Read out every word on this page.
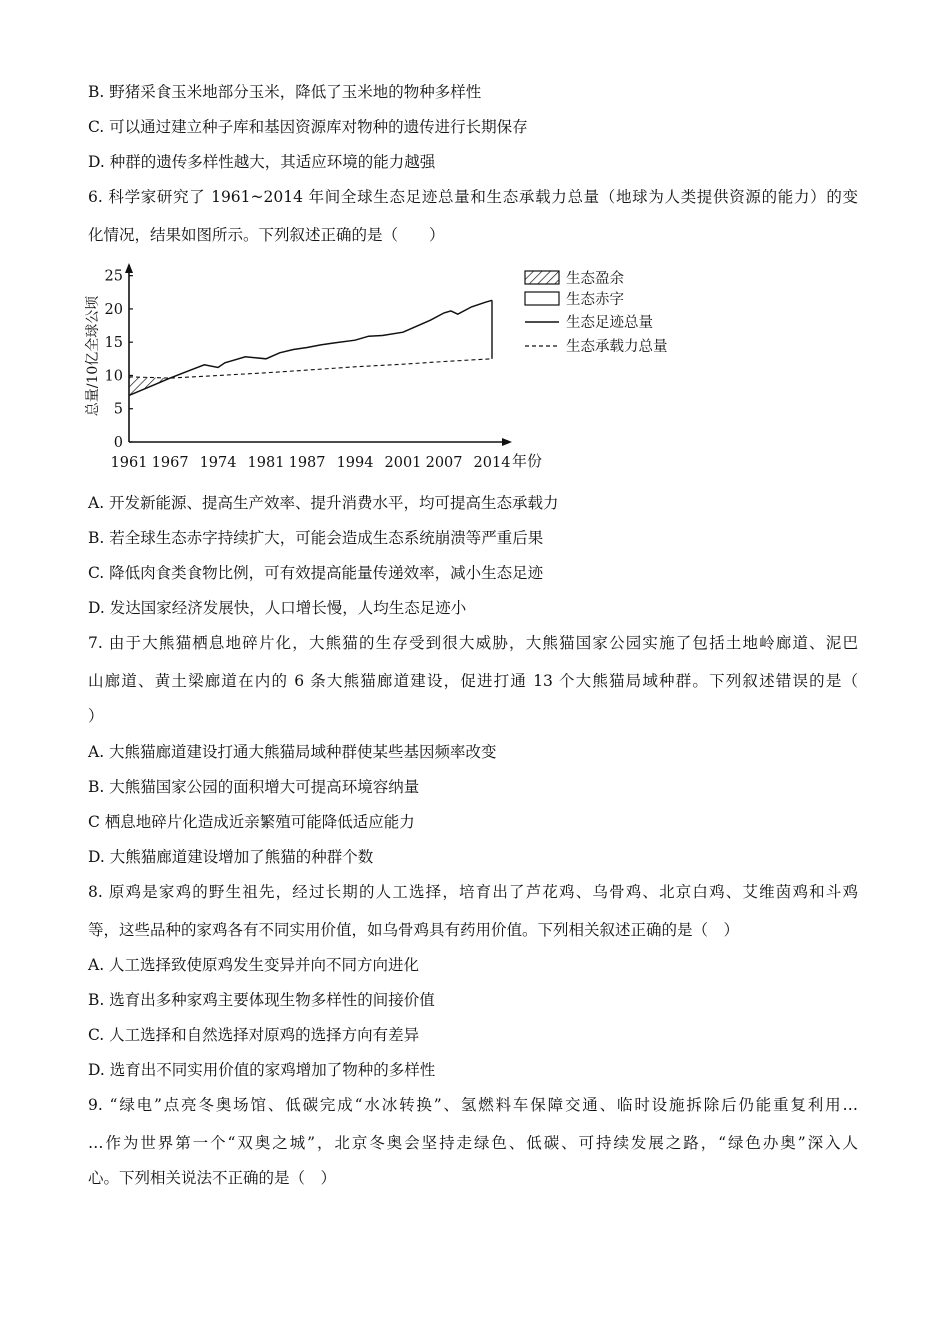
B. 野猪采食玉米地部分玉米，降低了玉米地的物种多样性
C. 可以通过建立种子库和基因资源库对物种的遗传进行长期保存
D. 种群的遗传多样性越大，其适应环境的能力越强
6. 科学家研究了 1961~2014 年间全球生态足迹总量和生态承载力总量（地球为人类提供资源的能力）的变
化情况，结果如图所示。下列叙述正确的是（　　）
0
5
10
15
20
25
1961 1967 1974 1981 1987 1994 2001 2007 2014
总量/10亿全球公顷
年份
生态盈余
生态赤字
生态足迹总量
生态承载力总量
A. 开发新能源、提高生产效率、提升消费水平，均可提高生态承载力
B. 若全球生态赤字持续扩大，可能会造成生态系统崩溃等严重后果
C. 降低肉食类食物比例，可有效提高能量传递效率，减小生态足迹
D. 发达国家经济发展快，人口增长慢，人均生态足迹小
7. 由于大熊猫栖息地碎片化，大熊猫的生存受到很大威胁，大熊猫国家公园实施了包括土地岭廊道、泥巴
山廊道、黄土梁廊道在内的 6 条大熊猫廊道建设，促进打通 13 个大熊猫局域种群。下列叙述错误的是（
）
A. 大熊猫廊道建设打通大熊猫局域种群使某些基因频率改变
B. 大熊猫国家公园的面积增大可提高环境容纳量
C 栖息地碎片化造成近亲繁殖可能降低适应能力
D. 大熊猫廊道建设增加了熊猫的种群个数
8. 原鸡是家鸡的野生祖先，经过长期的人工选择，培育出了芦花鸡、乌骨鸡、北京白鸡、艾维茵鸡和斗鸡
等，这些品种的家鸡各有不同实用价值，如乌骨鸡具有药用价值。下列相关叙述正确的是（　）
A. 人工选择致使原鸡发生变异并向不同方向进化
B. 选育出多种家鸡主要体现生物多样性的间接价值
C. 人工选择和自然选择对原鸡的选择方向有差异
D. 选育出不同实用价值的家鸡增加了物种的多样性
9. “绿电”点亮冬奥场馆、低碳完成“水冰转换”、氢燃料车保障交通、临时设施拆除后仍能重复利用…
…作为世界第一个“双奥之城”，北京冬奥会坚持走绿色、低碳、可持续发展之路，“绿色办奥”深入人
心。下列相关说法不正确的是（　）
